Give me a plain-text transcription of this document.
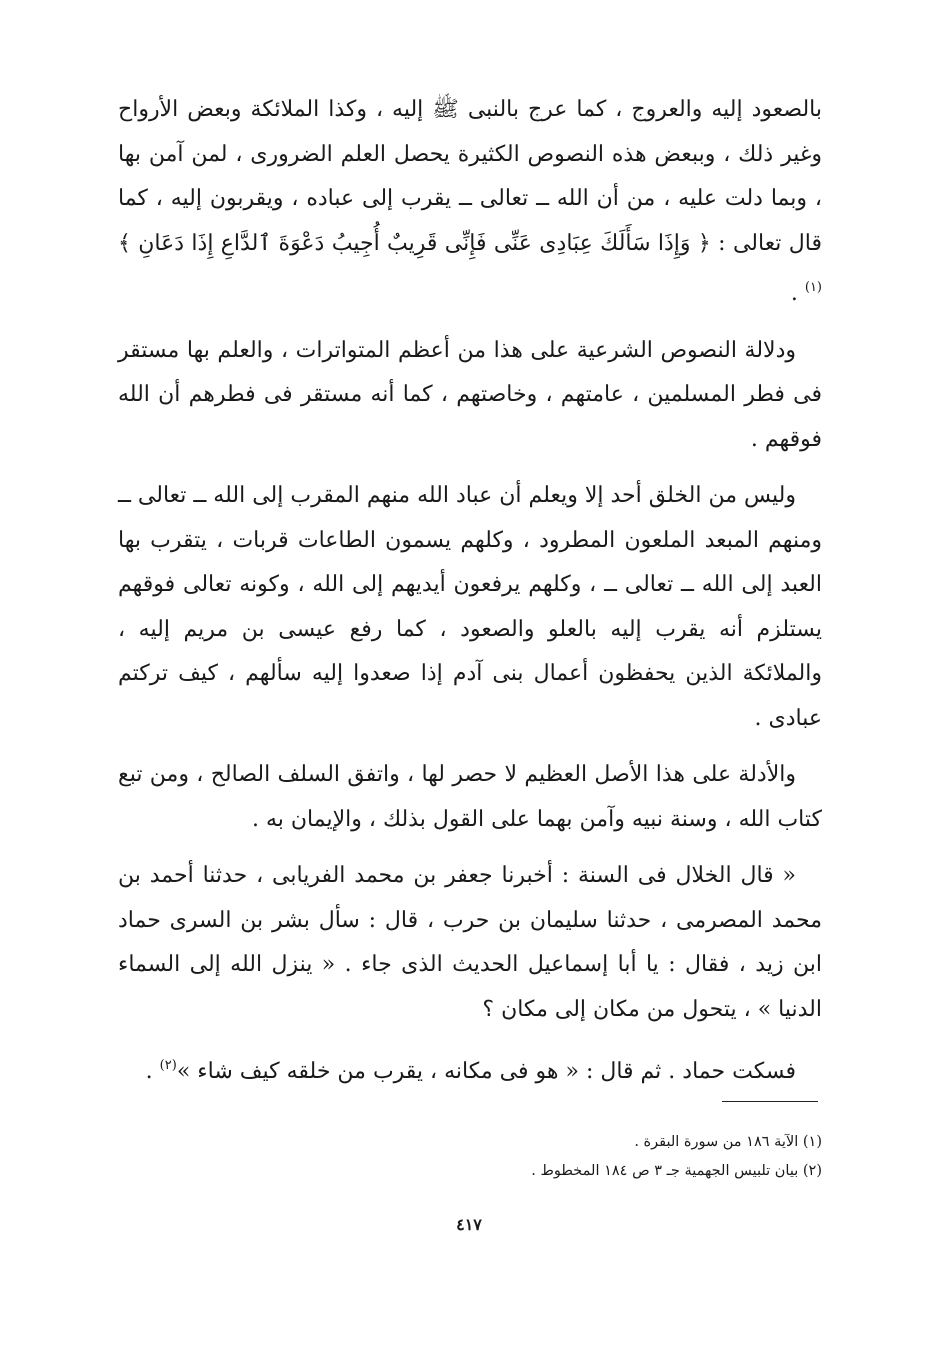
بالصعود إليه والعروج ، كما عرج بالنبى ﷺ إليه ، وكذا الملائكة وبعض الأرواح وغير ذلك ، وببعض هذه النصوص الكثيرة يحصل العلم الضرورى ، لمن آمن بها ، وبما دلت عليه ، من أن الله ــ تعالى ــ يقرب إلى عباده ، ويقربون إليه ، كما قال تعالى : ﴿ وَإِذَا سَأَلَكَ عِبَادِى عَنِّى فَإِنِّى قَرِيبٌ أُجِيبُ دَعْوَةَ ٱلدَّاعِ إِذَا دَعَانِ ﴾$^{(١)}$ .

ودلالة النصوص الشرعية على هذا من أعظم المتواترات ، والعلم بها مستقر فى فطر المسلمين ، عامتهم ، وخاصتهم ، كما أنه مستقر فى فطرهم أن الله فوقهم .

وليس من الخلق أحد إلا ويعلم أن عباد الله منهم المقرب إلى الله ــ تعالى ــ ومنهم المبعد الملعون المطرود ، وكلهم يسمون الطاعات قربات ، يتقرب بها العبد إلى الله ــ تعالى ــ ، وكلهم يرفعون أيديهم إلى الله ، وكونه تعالى فوقهم يستلزم أنه يقرب إليه بالعلو والصعود ، كما رفع عيسى بن مريم إليه ، والملائكة الذين يحفظون أعمال بنى آدم إذا صعدوا إليه سألهم ، كيف تركتم عبادى .

والأدلة على هذا الأصل العظيم لا حصر لها ، واتفق السلف الصالح ، ومن تبع كتاب الله ، وسنة نبيه وآمن بهما على القول بذلك ، والإيمان به .

« قال الخلال فى السنة : أخبرنا جعفر بن محمد الفريابى ، حدثنا أحمد بن محمد المصرمى ، حدثنا سليمان بن حرب ، قال : سأل بشر بن السرى حماد ابن زيد ، فقال : يا أبا إسماعيل الحديث الذى جاء . « ينزل الله إلى السماء الدنيا » ، يتحول من مكان إلى مكان ؟

فسكت حماد . ثم قال : « هو فى مكانه ، يقرب من خلقه كيف شاء »$^{(٢)}$ .

(١) الآية ١٨٦ من سورة البقرة .
(٢) بيان تلبيس الجهمية جـ ٣ ص ١٨٤ المخطوط .
٤١٧
